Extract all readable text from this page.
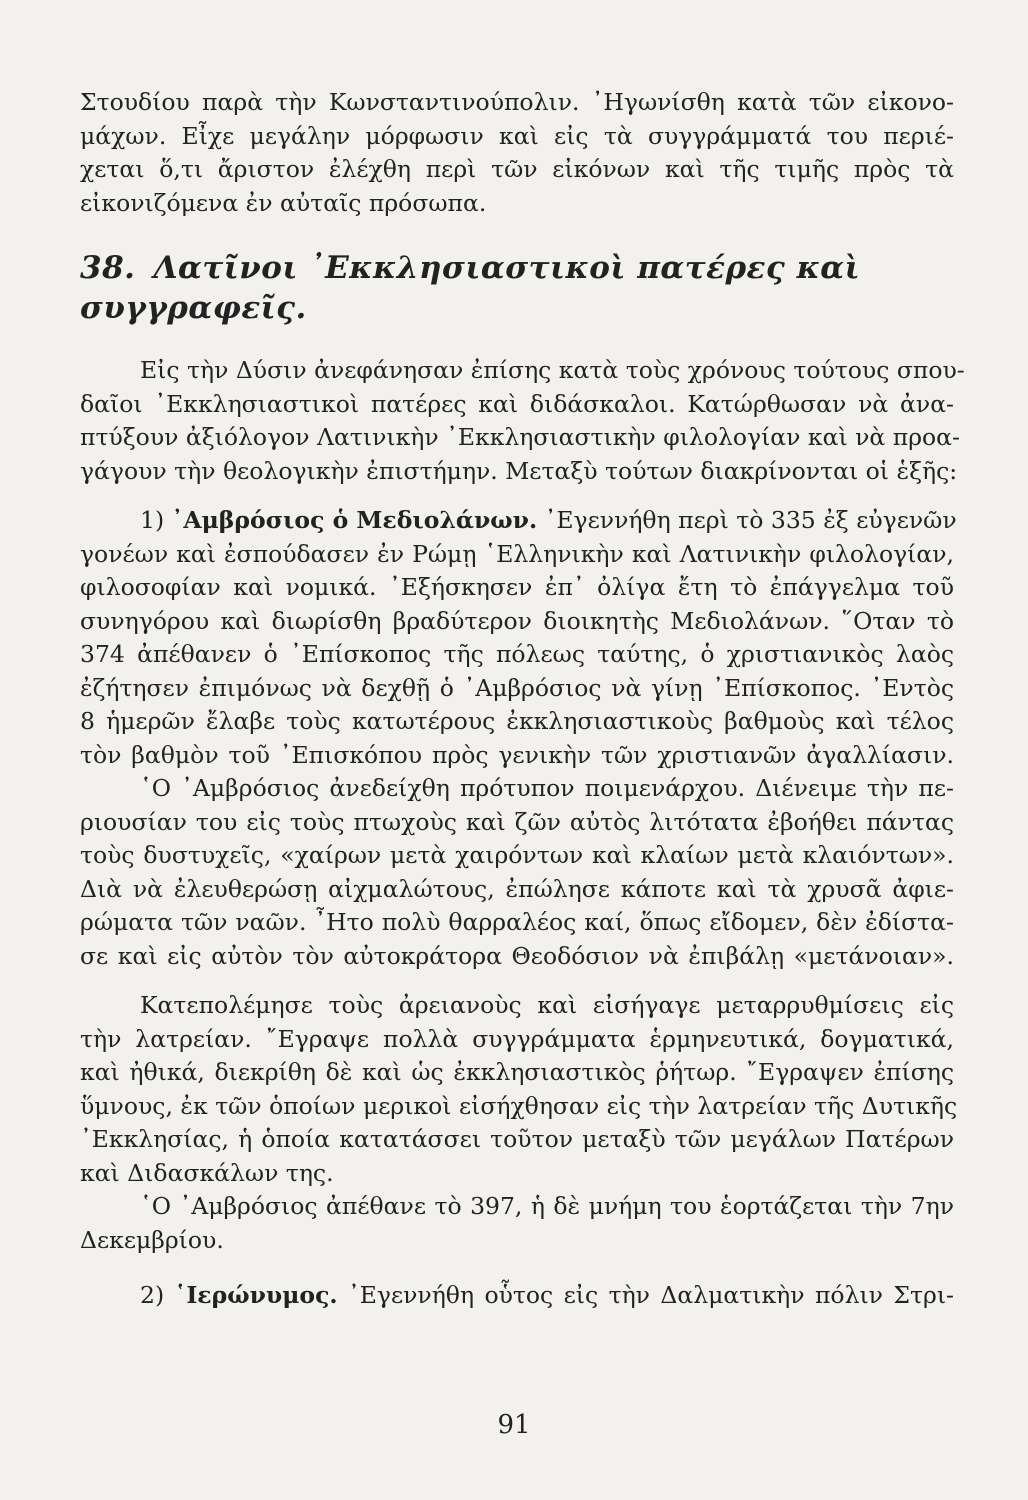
Στουδίου παρὰ τὴν Κωνσταντινούπολιν. ᾿Ηγωνίσθη κατὰ τῶν εἰκονο-

μάχων. Εἶχε μεγάλην μόρφωσιν καὶ εἰς τὰ συγγράμματά του περιέ-

χεται ὅ,τι ἄριστον ἐλέχθη περὶ τῶν εἰκόνων καὶ τῆς τιμῆς πρὸς τὰ

εἰκονιζόμενα ἐν αὐταῖς πρόσωπα.

38. Λατῖνοι ᾿Εκκλησιαστικοὶ πατέρες καὶ συγγραφεῖς.

Εἰς τὴν Δύσιν ἀνεφάνησαν ἐπίσης κατὰ τοὺς χρόνους τούτους σπου-

δαῖοι ᾿Εκκλησιαστικοὶ πατέρες καὶ διδάσκαλοι. Κατώρθωσαν νὰ ἀνα-

πτύξουν ἀξιόλογον Λατινικὴν ᾿Εκκλησιαστικὴν φιλολογίαν καὶ νὰ προα-

γάγουν τὴν θεολογικὴν ἐπιστήμην. Μεταξὺ τούτων διακρίνονται οἱ ἑξῆς:

1) ᾿Αμβρόσιος ὁ Μεδιολάνων. ᾿Εγεννήθη περὶ τὸ 335 ἐξ εὐγενῶν

γονέων καὶ ἐσπούδασεν ἐν Ρώμῃ ῾Ελληνικὴν καὶ Λατινικὴν φιλολογίαν,

φιλοσοφίαν καὶ νομικά. ᾿Εξήσκησεν ἐπ᾿ ὀλίγα ἔτη τὸ ἐπάγγελμα τοῦ

συνηγόρου καὶ διωρίσθη βραδύτερον διοικητὴς Μεδιολάνων. ῞Οταν τὸ

374 ἀπέθανεν ὁ ᾿Επίσκοπος τῆς πόλεως ταύτης, ὁ χριστιανικὸς λαὸς

ἐζήτησεν ἐπιμόνως νὰ δεχθῇ ὁ ᾿Αμβρόσιος νὰ γίνῃ ᾿Επίσκοπος. ᾿Εντὸς

8 ἡμερῶν ἔλαβε τοὺς κατωτέρους ἐκκλησιαστικοὺς βαθμοὺς καὶ τέλος

τὸν βαθμὸν τοῦ ᾿Επισκόπου πρὸς γενικὴν τῶν χριστιανῶν ἀγαλλίασιν.

῾Ο ᾿Αμβρόσιος ἀνεδείχθη πρότυπον ποιμενάρχου. Διένειμε τὴν πε-

ριουσίαν του εἰς τοὺς πτωχοὺς καὶ ζῶν αὐτὸς λιτότατα ἐβοήθει πάντας

τοὺς δυστυχεῖς, «χαίρων μετὰ χαιρόντων καὶ κλαίων μετὰ κλαιόντων».

Διὰ νὰ ἐλευθερώσῃ αἰχμαλώτους, ἐπώλησε κάποτε καὶ τὰ χρυσᾶ ἀφιε-

ρώματα τῶν ναῶν. ῏Ητο πολὺ θαρραλέος καί, ὅπως εἴδομεν, δὲν ἐδίστα-

σε καὶ εἰς αὐτὸν τὸν αὐτοκράτορα Θεοδόσιον νὰ ἐπιβάλῃ «μετάνοιαν».

Κατεπολέμησε τοὺς ἀρειανοὺς καὶ εἰσήγαγε μεταρρυθμίσεις εἰς

τὴν λατρείαν. ῎Εγραψε πολλὰ συγγράμματα ἑρμηνευτικά, δογματικά,

καὶ ἠθικά, διεκρίθη δὲ καὶ ὡς ἐκκλησιαστικὸς ῥήτωρ. ῎Εγραψεν ἐπίσης

ὕμνους, ἐκ τῶν ὁποίων μερικοὶ εἰσήχθησαν εἰς τὴν λατρείαν τῆς Δυτικῆς

᾿Εκκλησίας, ἡ ὁποία κατατάσσει τοῦτον μεταξὺ τῶν μεγάλων Πατέρων

καὶ Διδασκάλων της.

῾Ο ᾿Αμβρόσιος ἀπέθανε τὸ 397, ἡ δὲ μνήμη του ἑορτάζεται τὴν 7ην

Δεκεμβρίου.

2) ῾Ιερώνυμος. ᾿Εγεννήθη οὗτος εἰς τὴν Δαλματικὴν πόλιν Στρι-

91
